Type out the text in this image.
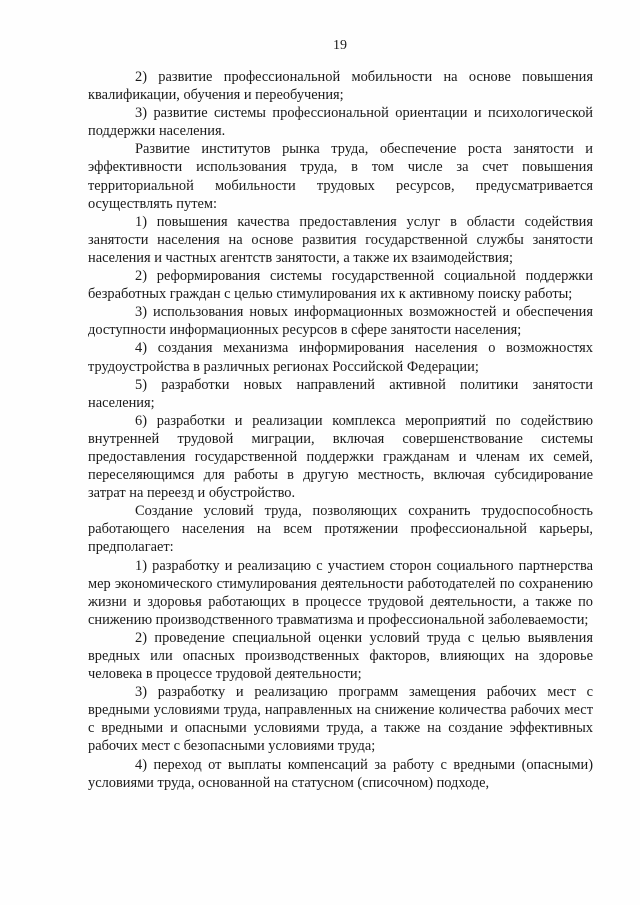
19

2) развитие профессиональной мобильности на основе повышения квалификации, обучения и переобучения;

3) развитие системы профессиональной ориентации и психологической поддержки населения.

Развитие институтов рынка труда, обеспечение роста занятости и эффективности использования труда, в том числе за счет повышения территориальной мобильности трудовых ресурсов, предусматривается осуществлять путем:

1) повышения качества предоставления услуг в области содействия занятости населения на основе развития государственной службы занятости населения и частных агентств занятости, а также их взаимодействия;

2) реформирования системы государственной социальной поддержки безработных граждан с целью стимулирования их к активному поиску работы;

3) использования новых информационных возможностей и обеспечения доступности информационных ресурсов в сфере занятости населения;

4) создания механизма информирования населения о возможностях трудоустройства в различных регионах Российской Федерации;

5) разработки новых направлений активной политики занятости населения;

6) разработки и реализации комплекса мероприятий по содействию внутренней трудовой миграции, включая совершенствование системы предоставления государственной поддержки гражданам и членам их семей, переселяющимся для работы в другую местность, включая субсидирование затрат на переезд и обустройство.

Создание условий труда, позволяющих сохранить трудоспособность работающего населения на всем протяжении профессиональной карьеры, предполагает:

1) разработку и реализацию с участием сторон социального партнерства мер экономического стимулирования деятельности работодателей по сохранению жизни и здоровья работающих в процессе трудовой деятельности, а также по снижению производственного травматизма и профессиональной заболеваемости;

2) проведение специальной оценки условий труда с целью выявления вредных или опасных производственных факторов, влияющих на здоровье человека в процессе трудовой деятельности;

3) разработку и реализацию программ замещения рабочих мест с вредными условиями труда, направленных на снижение количества рабочих мест с вредными и опасными условиями труда, а также на создание эффективных рабочих мест с безопасными условиями труда;

4) переход от выплаты компенсаций за работу с вредными (опасными) условиями труда, основанной на статусном (списочном) подходе,
